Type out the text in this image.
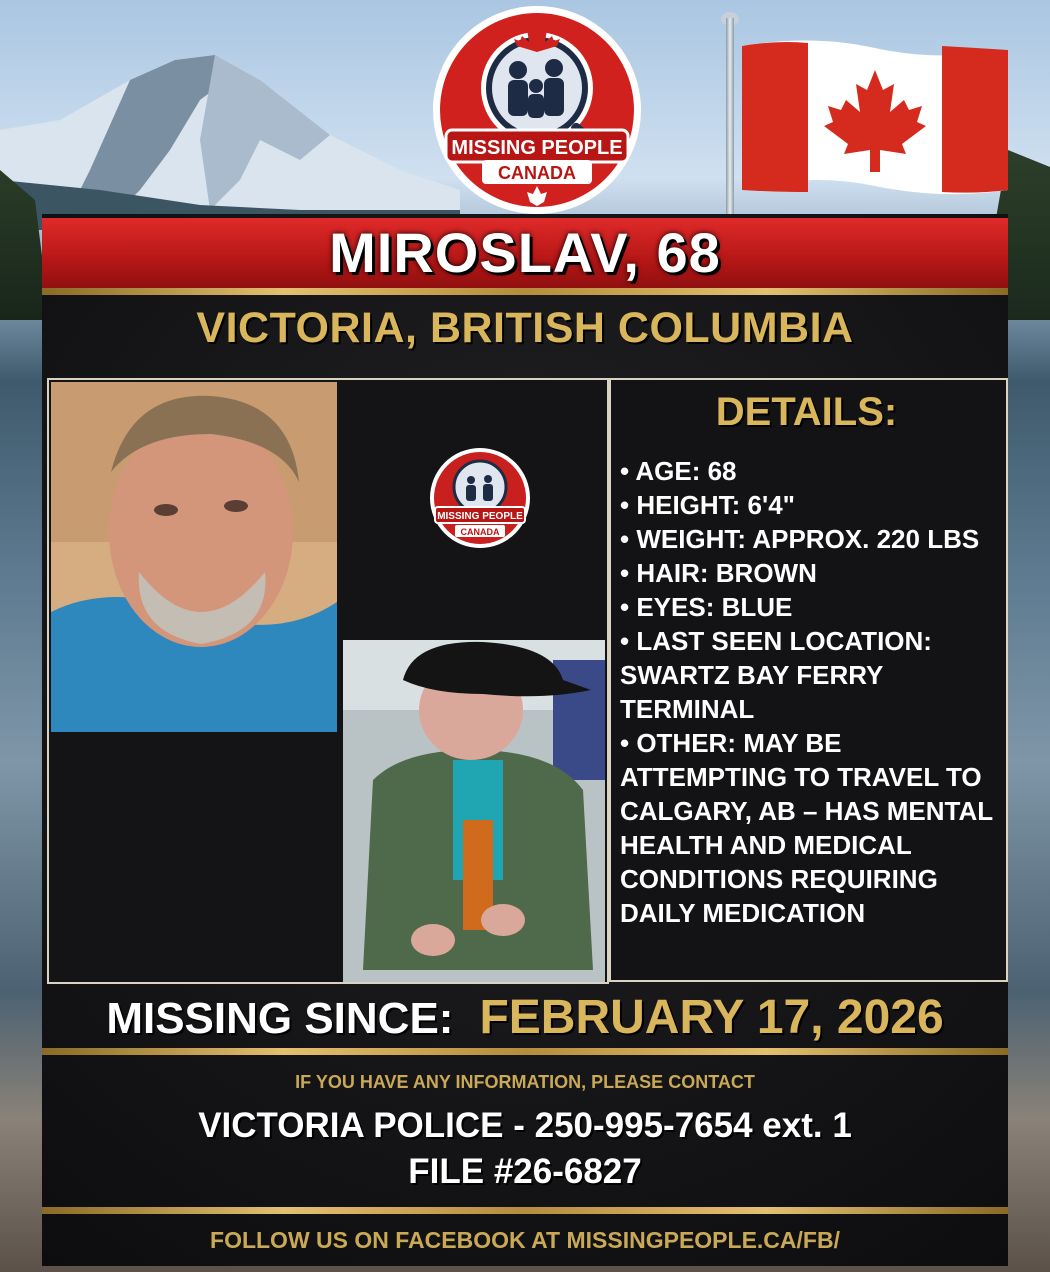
MISSING PEOPLE
CANADA
MIROSLAV, 68
VICTORIA, BRITISH COLUMBIA
MISSING PEOPLE
CANADA
DETAILS:
• AGE: 68
• HEIGHT: 6'4"
• WEIGHT: APPROX. 220 LBS
• HAIR: BROWN
• EYES: BLUE
• LAST SEEN LOCATION: SWARTZ BAY FERRY TERMINAL
• OTHER: MAY BE ATTEMPTING TO TRAVEL TO CALGARY, AB – HAS MENTAL HEALTH AND MEDICAL CONDITIONS REQUIRING DAILY MEDICATION
MISSING SINCE: FEBRUARY 17, 2026
IF YOU HAVE ANY INFORMATION, PLEASE CONTACT
VICTORIA POLICE - 250-995-7654 ext. 1
FILE #26-6827
FOLLOW US ON FACEBOOK AT MISSINGPEOPLE.CA/FB/
